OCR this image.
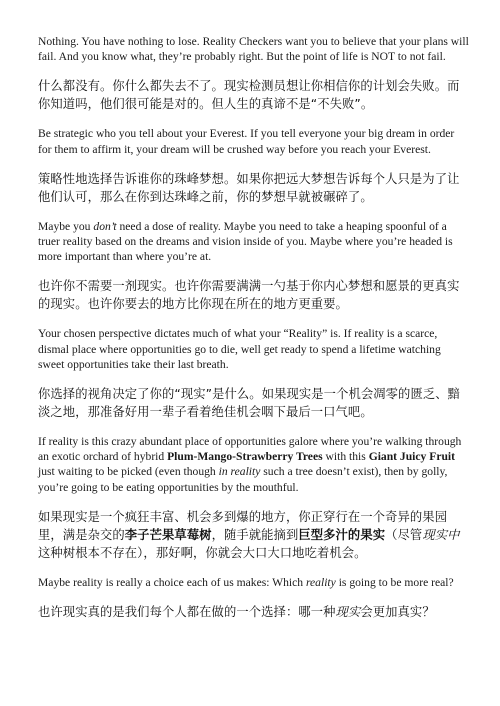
Nothing. You have nothing to lose. Reality Checkers want you to believe that your plans will fail. And you know what, they’re probably right. But the point of life is NOT to not fail.

什么都没有。你什么都失去不了。现实检测员想让你相信你的计划会失败。而你知道吗，他们很可能是对的。但人生的真谛不是“不失败”。

Be strategic who you tell about your Everest. If you tell everyone your big dream in order for them to affirm it, your dream will be crushed way before you reach your Everest.

策略性地选择告诉谁你的珠峰梦想。如果你把远大梦想告诉每个人只是为了让他们认可，那么在你到达珠峰之前，你的梦想早就被碾碎了。

Maybe you don’t need a dose of reality. Maybe you need to take a heaping spoonful of a truer reality based on the dreams and vision inside of you. Maybe where you’re headed is more important than where you’re at.

也许你不需要一剂现实。也许你需要满满一勺基于你内心梦想和愿景的更真实的现实。也许你要去的地方比你现在所在的地方更重要。

Your chosen perspective dictates much of what your “Reality” is. If reality is a scarce, dismal place where opportunities go to die, well get ready to spend a lifetime watching sweet opportunities take their last breath.

你选择的视角决定了你的“现实”是什么。如果现实是一个机会凋零的匮乏、黯淡之地，那准备好用一辈子看着绝佳机会咽下最后一口气吧。

If reality is this crazy abundant place of opportunities galore where you’re walking through an exotic orchard of hybrid Plum-Mango-Strawberry Trees with this Giant Juicy Fruit just waiting to be picked (even though in reality such a tree doesn’t exist), then by golly, you’re going to be eating opportunities by the mouthful.

如果现实是一个疯狂丰富、机会多到爆的地方，你正穿行在一个奇异的果园里，满是杂交的李子芒果草莓树，随手就能摘到巨型多汁的果实（尽管现实中这种树根本不存在），那好啊，你就会大口大口地吃着机会。

Maybe reality is really a choice each of us makes: Which reality is going to be more real?

也许现实真的是我们每个人都在做的一个选择：哪一种现实会更加真实？
